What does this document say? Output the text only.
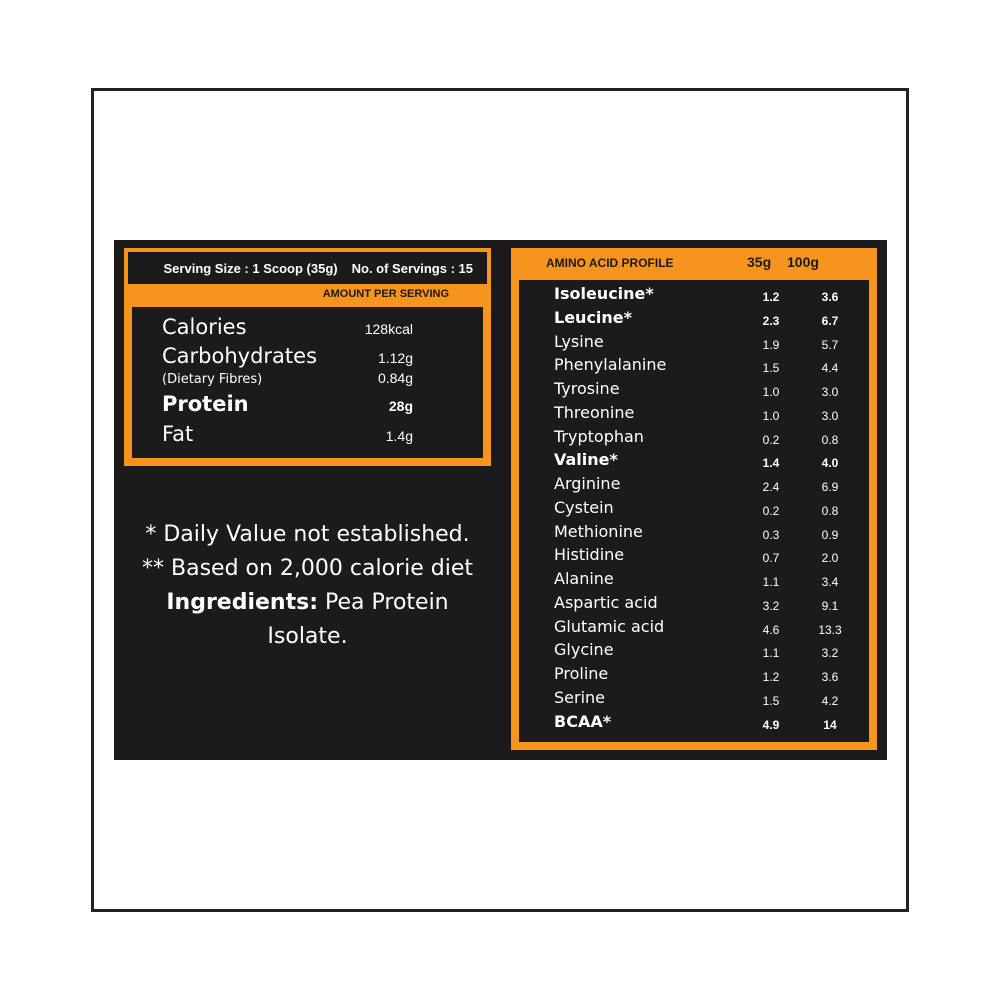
Serving Size : 1 Scoop (35g) No. of Servings : 15
AMOUNT PER SERVING
Calories	128kcal
Carbohydrates	1.12g
(Dietary Fibres)	0.84g
Protein	28g
Fat	1.4g
* Daily Value not established.
** Based on 2,000 calorie diet
Ingredients: Pea Protein Isolate.
AMINO ACID PROFILE	35g 100g
Isoleucine*	1.2	3.6
Leucine*	2.3	6.7
Lysine	1.9	5.7
Phenylalanine	1.5	4.4
Tyrosine	1.0	3.0
Threonine	1.0	3.0
Tryptophan	0.2	0.8
Valine*	1.4	4.0
Arginine	2.4	6.9
Cystein	0.2	0.8
Methionine	0.3	0.9
Histidine	0.7	2.0
Alanine	1.1	3.4
Aspartic acid	3.2	9.1
Glutamic acid	4.6	13.3
Glycine	1.1	3.2
Proline	1.2	3.6
Serine	1.5	4.2
BCAA*	4.9	14
